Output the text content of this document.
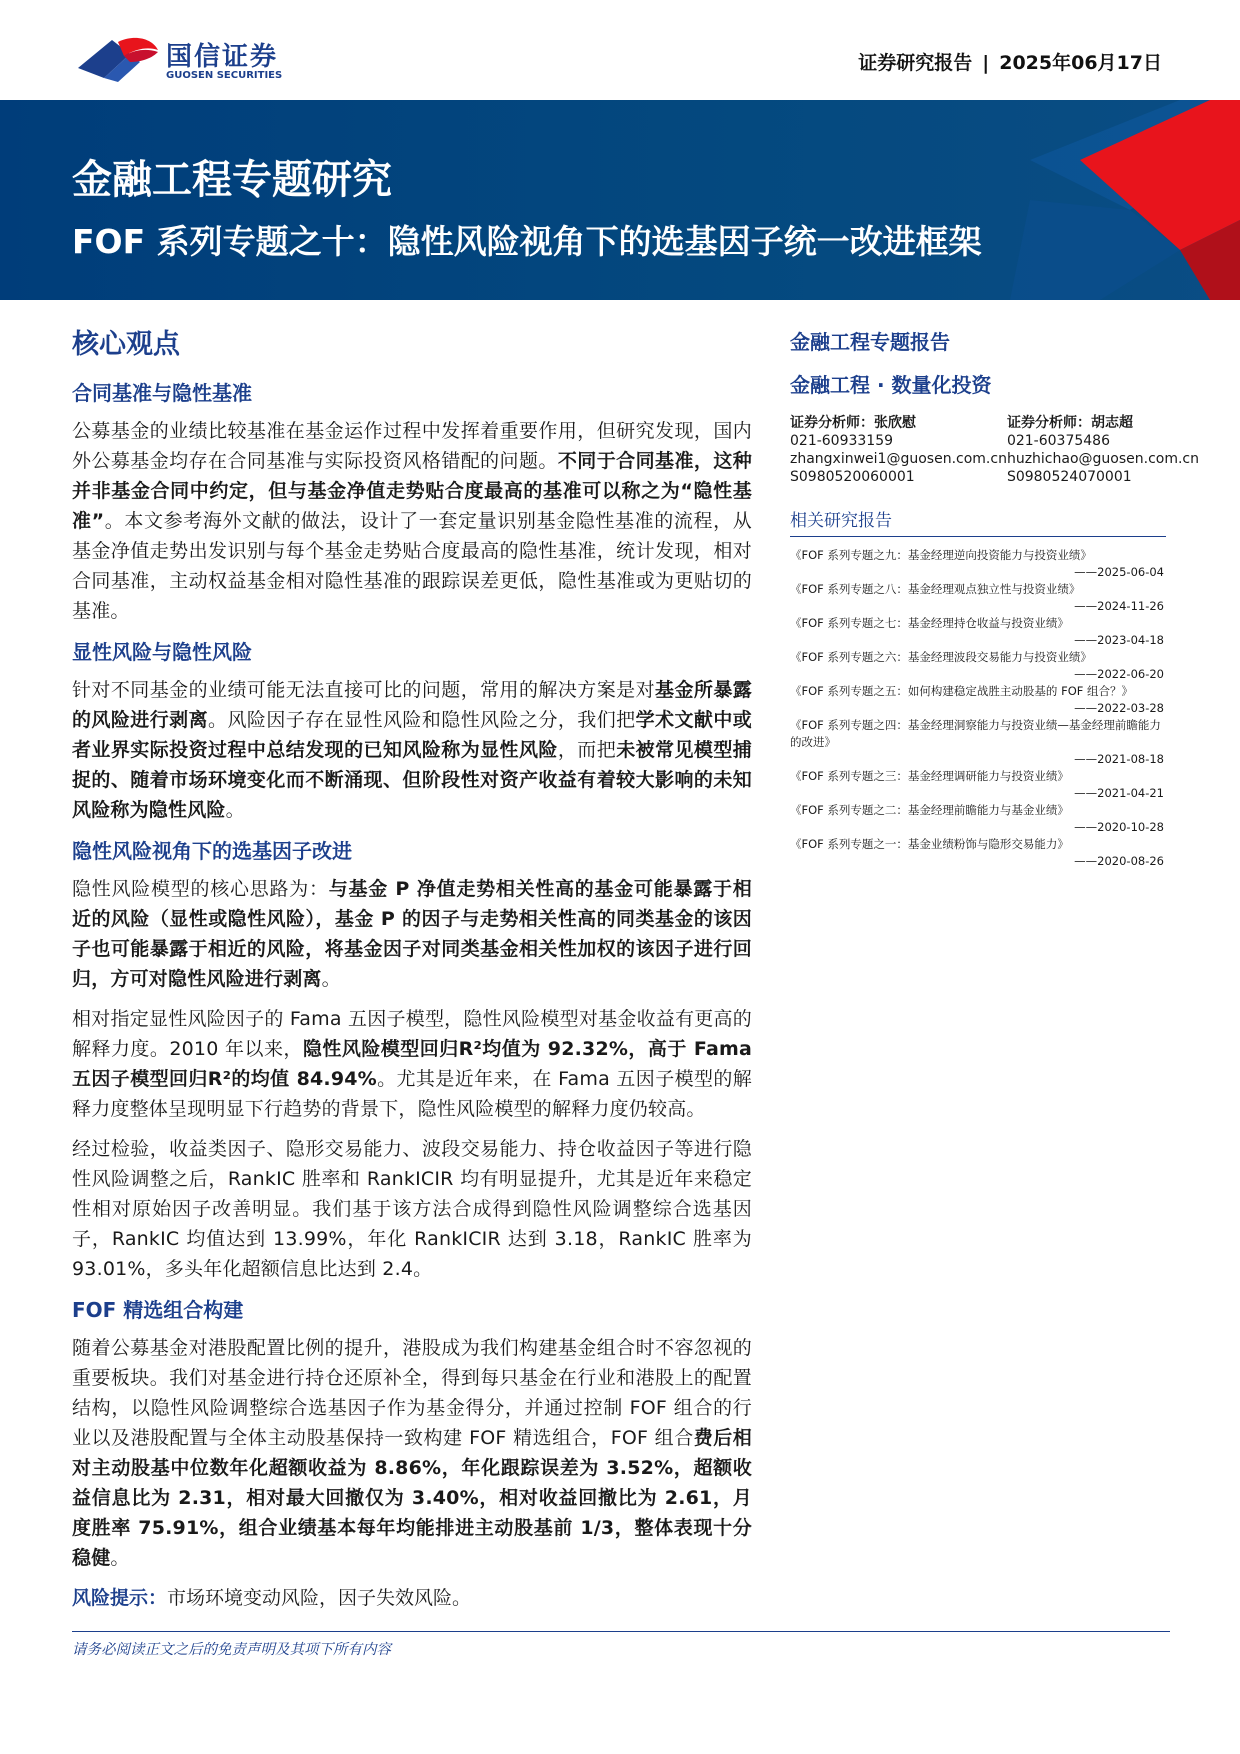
国信证券
GUOSEN SECURITIES
证券研究报告 | 2025年06月17日
金融工程专题研究
FOF 系列专题之十：隐性风险视角下的选基因子统一改进框架
核心观点
合同基准与隐性基准
公募基金的业绩比较基准在基金运作过程中发挥着重要作用，但研究发现，国内外公募基金均存在合同基准与实际投资风格错配的问题。不同于合同基准，这种并非基金合同中约定，但与基金净值走势贴合度最高的基准可以称之为“隐性基准”。本文参考海外文献的做法，设计了一套定量识别基金隐性基准的流程，从基金净值走势出发识别与每个基金走势贴合度最高的隐性基准，统计发现，相对合同基准，主动权益基金相对隐性基准的跟踪误差更低，隐性基准或为更贴切的基准。
显性风险与隐性风险
针对不同基金的业绩可能无法直接可比的问题，常用的解决方案是对基金所暴露的风险进行剥离。风险因子存在显性风险和隐性风险之分，我们把学术文献中或者业界实际投资过程中总结发现的已知风险称为显性风险，而把未被常见模型捕捉的、随着市场环境变化而不断涌现、但阶段性对资产收益有着较大影响的未知风险称为隐性风险。
隐性风险视角下的选基因子改进
隐性风险模型的核心思路为：与基金 P 净值走势相关性高的基金可能暴露于相近的风险（显性或隐性风险），基金 P 的因子与走势相关性高的同类基金的该因子也可能暴露于相近的风险，将基金因子对同类基金相关性加权的该因子进行回归，方可对隐性风险进行剥离。
相对指定显性风险因子的 Fama 五因子模型，隐性风险模型对基金收益有更高的解释力度。2010 年以来，隐性风险模型回归R²均值为 92.32%，高于 Fama 五因子模型回归R²的均值 84.94%。尤其是近年来，在 Fama 五因子模型的解释力度整体呈现明显下行趋势的背景下，隐性风险模型的解释力度仍较高。
经过检验，收益类因子、隐形交易能力、波段交易能力、持仓收益因子等进行隐性风险调整之后，RankIC 胜率和 RankICIR 均有明显提升，尤其是近年来稳定性相对原始因子改善明显。我们基于该方法合成得到隐性风险调整综合选基因子，RankIC 均值达到 13.99%，年化 RankICIR 达到 3.18，RankIC 胜率为 93.01%，多头年化超额信息比达到 2.4。
FOF 精选组合构建
随着公募基金对港股配置比例的提升，港股成为我们构建基金组合时不容忽视的重要板块。我们对基金进行持仓还原补全，得到每只基金在行业和港股上的配置结构，以隐性风险调整综合选基因子作为基金得分，并通过控制 FOF 组合的行业以及港股配置与全体主动股基保持一致构建 FOF 精选组合，FOF 组合费后相对主动股基中位数年化超额收益为 8.86%，年化跟踪误差为 3.52%，超额收益信息比为 2.31，相对最大回撤仅为 3.40%，相对收益回撤比为 2.61，月度胜率 75.91%，组合业绩基本每年均能排进主动股基前 1/3，整体表现十分稳健。
风险提示：市场环境变动风险，因子失效风险。
金融工程专题报告
金融工程 · 数量化投资
证券分析师：张欣慰
021-60933159
zhangxinwei1@guosen.com.cn
S0980520060001
证券分析师：胡志超
021-60375486
huzhichao@guosen.com.cn
S0980524070001
相关研究报告
《FOF 系列专题之九：基金经理逆向投资能力与投资业绩》
——2025-06-04
《FOF 系列专题之八：基金经理观点独立性与投资业绩》
——2024-11-26
《FOF 系列专题之七：基金经理持仓收益与投资业绩》
——2023-04-18
《FOF 系列专题之六：基金经理波段交易能力与投资业绩》
——2022-06-20
《FOF 系列专题之五：如何构建稳定战胜主动股基的 FOF 组合？》
——2022-03-28
《FOF 系列专题之四：基金经理洞察能力与投资业绩—基金经理前瞻能力的改进》
——2021-08-18
《FOF 系列专题之三：基金经理调研能力与投资业绩》
——2021-04-21
《FOF 系列专题之二：基金经理前瞻能力与基金业绩》
——2020-10-28
《FOF 系列专题之一：基金业绩粉饰与隐形交易能力》
——2020-08-26
请务必阅读正文之后的免责声明及其项下所有内容
